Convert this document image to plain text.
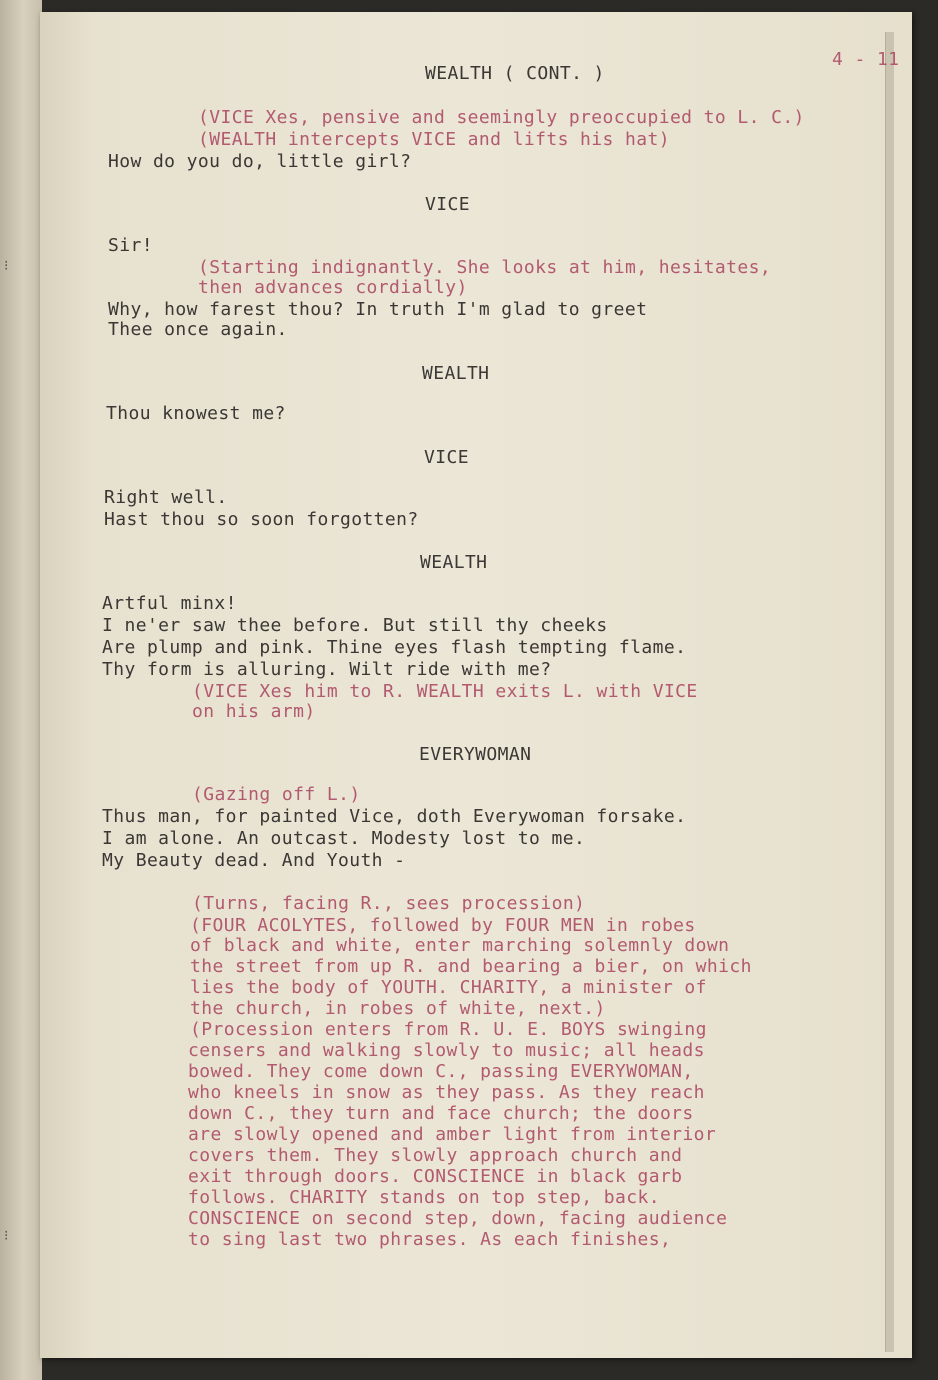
⁝
⁝
4 - 11
WEALTH ( CONT. )
(VICE Xes, pensive and seemingly preoccupied to L. C.)
(WEALTH intercepts VICE and lifts his hat)
How do you do, little girl?
VICE
Sir!
(Starting indignantly. She looks at him, hesitates,
then advances cordially)
Why, how farest thou? In truth I'm glad to greet
Thee once again.
WEALTH
Thou knowest me?
VICE
Right well.
Hast thou so soon forgotten?
WEALTH
Artful minx!
I ne'er saw thee before. But still thy cheeks
Are plump and pink. Thine eyes flash tempting flame.
Thy form is alluring. Wilt ride with me?
(VICE Xes him to R. WEALTH exits L. with VICE
on his arm)
EVERYWOMAN
(Gazing off L.)
Thus man, for painted Vice, doth Everywoman forsake.
I am alone. An outcast. Modesty lost to me.
My Beauty dead. And Youth -
(Turns, facing R., sees procession)
(FOUR ACOLYTES, followed by FOUR MEN in robes
of black and white, enter marching solemnly down
the street from up R. and bearing a bier, on which
lies the body of YOUTH. CHARITY, a minister of
the church, in robes of white, next.)
(Procession enters from R. U. E. BOYS swinging
censers and walking slowly to music; all heads
bowed. They come down C., passing EVERYWOMAN,
who kneels in snow as they pass. As they reach
down C., they turn and face church; the doors
are slowly opened and amber light from interior
covers them. They slowly approach church and
exit through doors. CONSCIENCE in black garb
follows. CHARITY stands on top step, back.
CONSCIENCE on second step, down, facing audience
to sing last two phrases. As each finishes,
